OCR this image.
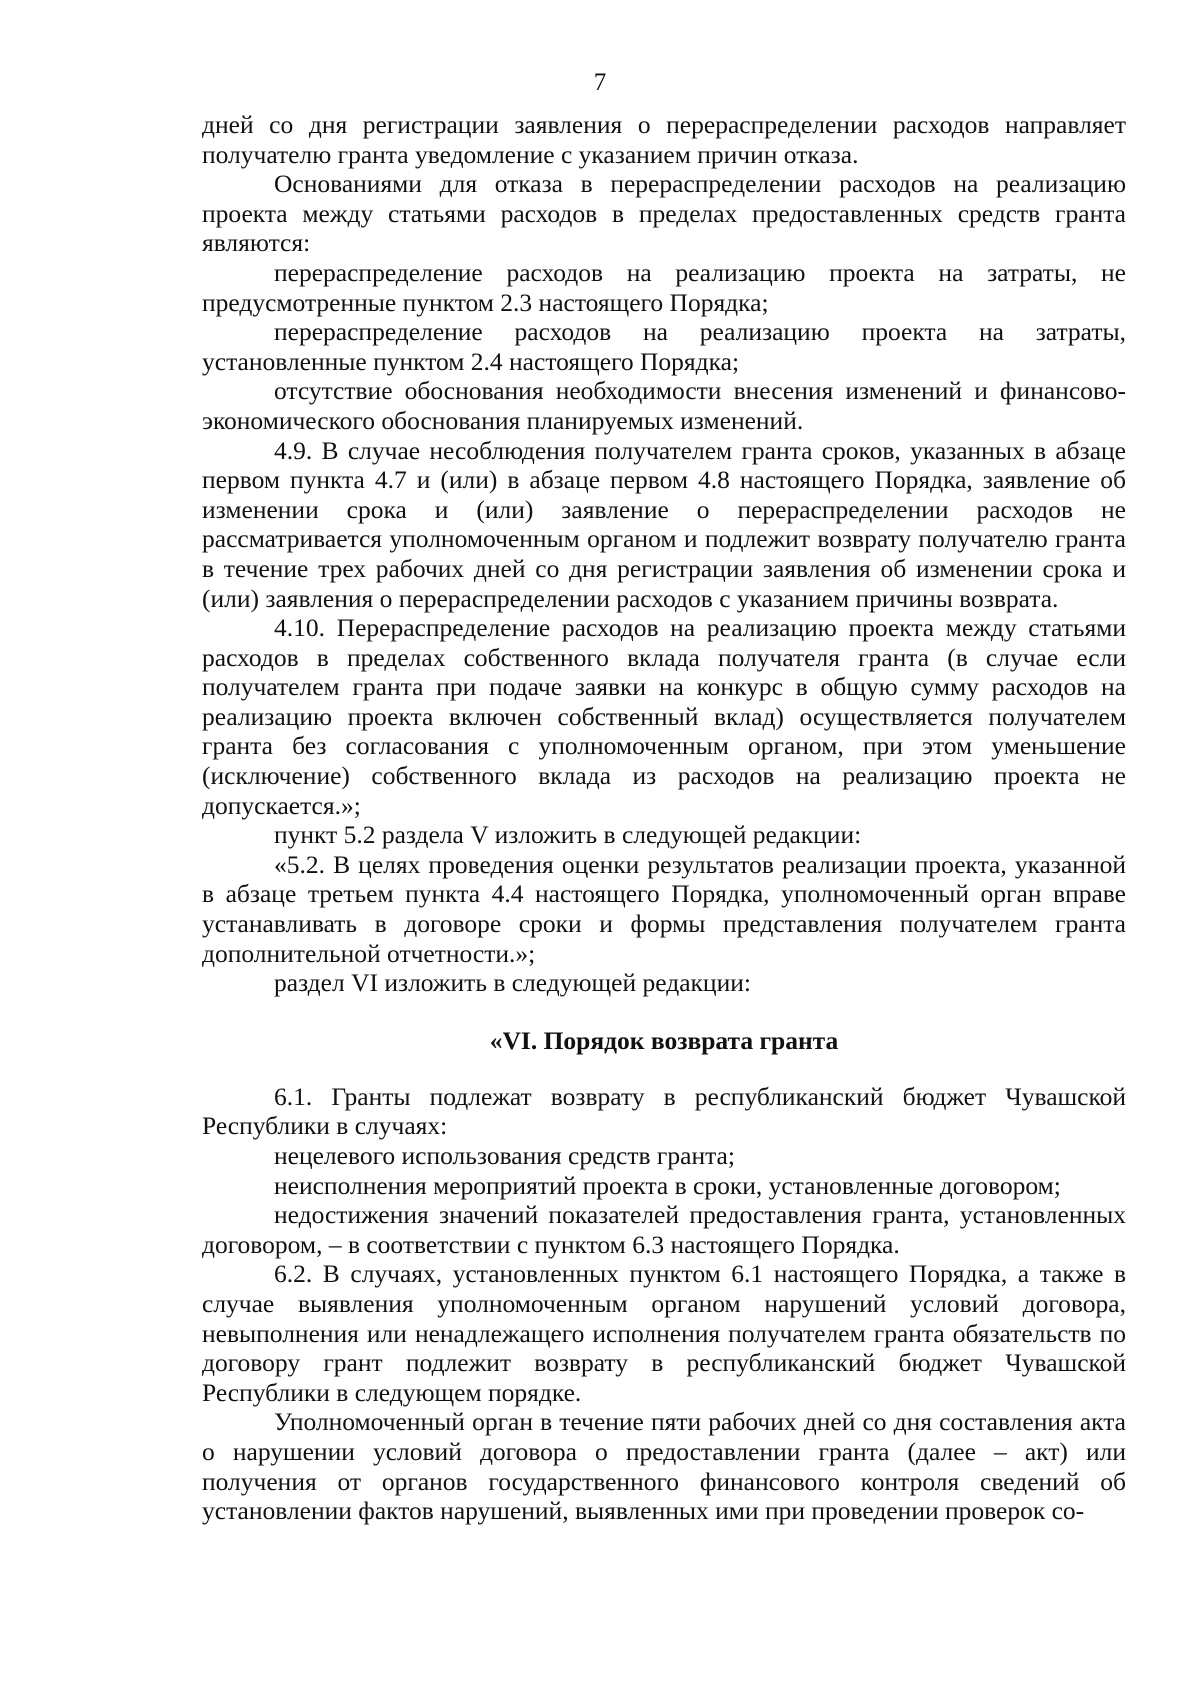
7

дней со дня регистрации заявления о перераспределении расходов направляет получателю гранта уведомление с указанием причин отказа.

Основаниями для отказа в перераспределении расходов на реализацию проекта между статьями расходов в пределах предоставленных средств гранта являются:

перераспределение расходов на реализацию проекта на затраты, не предусмотренные пунктом 2.3 настоящего Порядка;

перераспределение расходов на реализацию проекта на затраты, установленные пунктом 2.4 настоящего Порядка;

отсутствие обоснования необходимости внесения изменений и финансово-экономического обоснования планируемых изменений.

4.9. В случае несоблюдения получателем гранта сроков, указанных в абзаце первом пункта 4.7 и (или) в абзаце первом 4.8 настоящего Порядка, заявление об изменении срока и (или) заявление о перераспределении расходов не рассматривается уполномоченным органом и подлежит возврату получателю гранта в течение трех рабочих дней со дня регистрации заявления об изменении срока и (или) заявления о перераспределении расходов с указанием причины возврата.

4.10. Перераспределение расходов на реализацию проекта между статьями расходов в пределах собственного вклада получателя гранта (в случае если получателем гранта при подаче заявки на конкурс в общую сумму расходов на реализацию проекта включен собственный вклад) осуществляется получателем гранта без согласования с уполномоченным органом, при этом уменьшение (исключение) собственного вклада из расходов на реализацию проекта не допускается.»;

пункт 5.2 раздела V изложить в следующей редакции:

«5.2. В целях проведения оценки результатов реализации проекта, указанной в абзаце третьем пункта 4.4 настоящего Порядка, уполномоченный орган вправе устанавливать в договоре сроки и формы представления получателем гранта дополнительной отчетности.»;

раздел VI изложить в следующей редакции:

«VI. Порядок возврата гранта

6.1. Гранты подлежат возврату в республиканский бюджет Чувашской Республики в случаях:

нецелевого использования средств гранта;

неисполнения мероприятий проекта в сроки, установленные договором;

недостижения значений показателей предоставления гранта, установленных договором, – в соответствии с пунктом 6.3 настоящего Порядка.

6.2. В случаях, установленных пунктом 6.1 настоящего Порядка, а также в случае выявления уполномоченным органом нарушений условий договора, невыполнения или ненадлежащего исполнения получателем гранта обязательств по договору грант подлежит возврату в республиканский бюджет Чувашской Республики в следующем порядке.

Уполномоченный орган в течение пяти рабочих дней со дня составления акта о нарушении условий договора о предоставлении гранта (далее – акт) или получения от органов государственного финансового контроля сведений об установлении фактов нарушений, выявленных ими при проведении проверок со-
